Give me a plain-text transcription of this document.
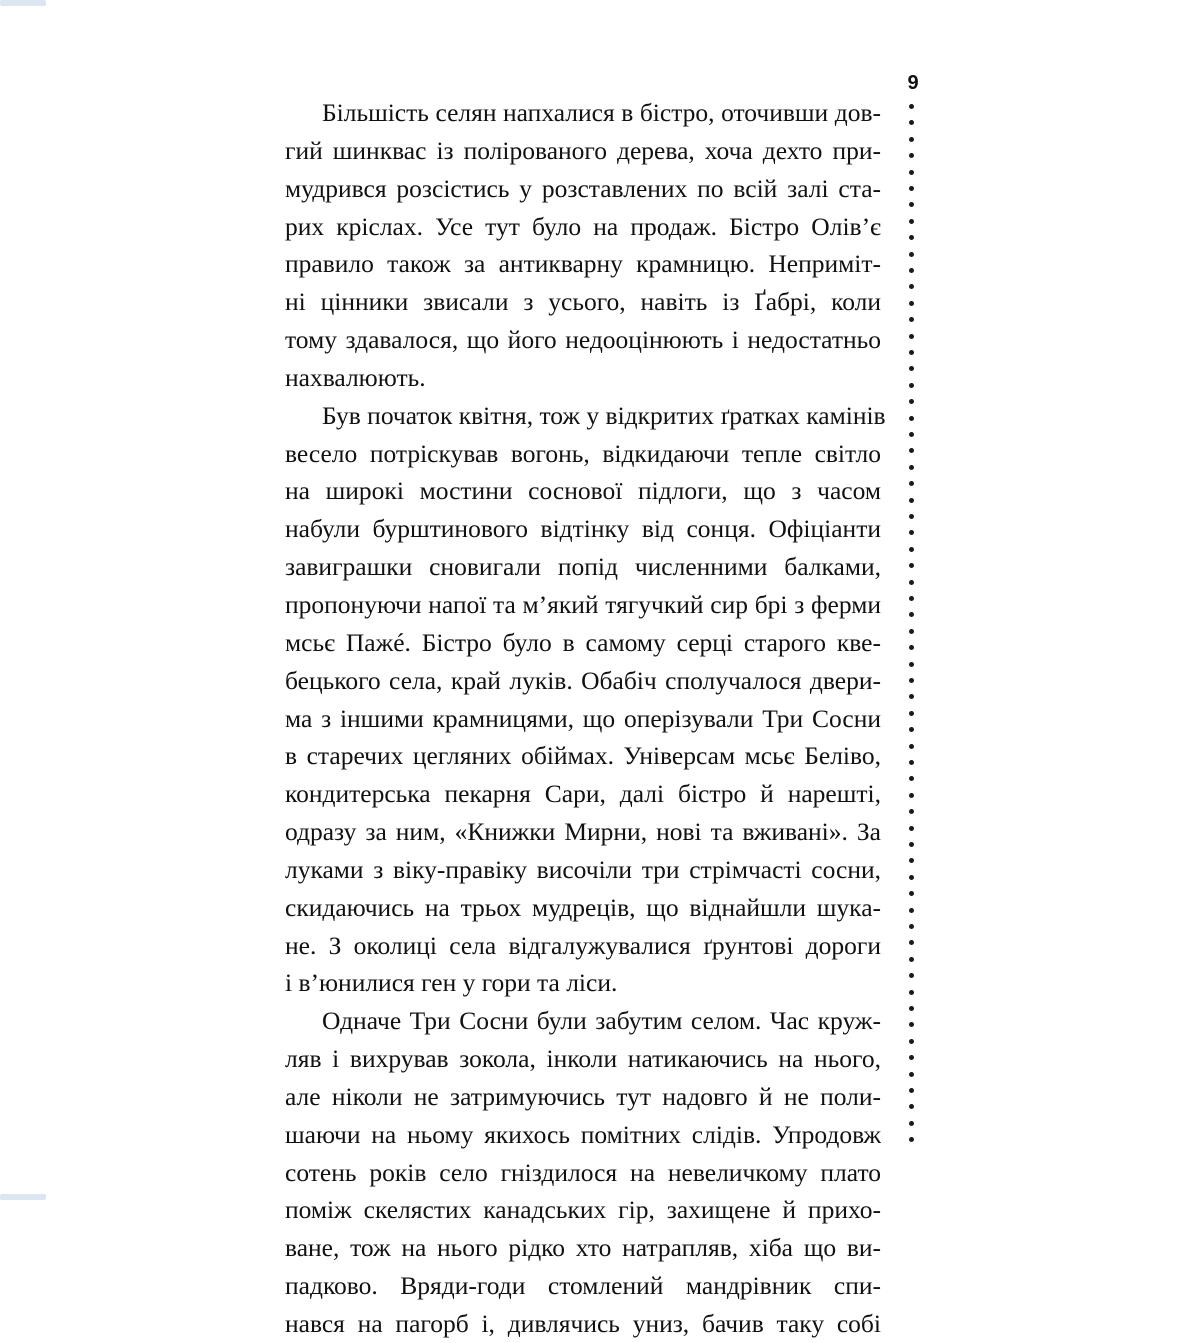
9
Більшість селян напхалися в бістро, оточивши дов-
гий шинквас із полірованого дерева, хоча дехто при-
мудрився розсістись у розставлених по всій залі ста-
рих кріслах. Усе тут було на продаж. Бістро Олів’є
правило також за антикварну крамницю. Неприміт-
ні цінники звисали з усього, навіть із Ґабрі, коли
тому здавалося, що його недооцінюють і недостатньо
нахвалюють.
Був початок квітня, тож у відкритих ґратках камінів
весело потріскував вогонь, відкидаючи тепле світло
на широкі мостини соснової підлоги, що з часом
набули бурштинового відтінку від сонця. Офіціанти
завиграшки сновигали попід численними балками,
пропонуючи напої та м’який тягучкий сир брі з ферми
мсьє Пажé. Бістро було в самому серці старого кве-
бецького села, край луків. Обабіч сполучалося двери-
ма з іншими крамницями, що оперізували Три Сосни
в старечих цегляних обіймах. Універсам мсьє Беліво,
кондитерська пекарня Сари, далі бістро й нарешті,
одразу за ним, «Книжки Мирни, нові та вживані». За
луками з віку-правіку височіли три стрімчасті сосни,
скидаючись на трьох мудреців, що віднайшли шука-
не. З околиці села відгалужувалися ґрунтові дороги
і в’юнилися ген у гори та ліси.
Одначе Три Сосни були забутим селом. Час круж-
ляв і вихрував зокола, інколи натикаючись на нього,
але ніколи не затримуючись тут надовго й не поли-
шаючи на ньому якихось помітних слідів. Упродовж
сотень років село гніздилося на невеличкому плато
поміж скелястих канадських гір, захищене й прихо-
ване, тож на нього рідко хто натрапляв, хіба що ви-
падково. Вряди-годи стомлений мандрівник спи-
нався на пагорб і, дивлячись униз, бачив таку собі
